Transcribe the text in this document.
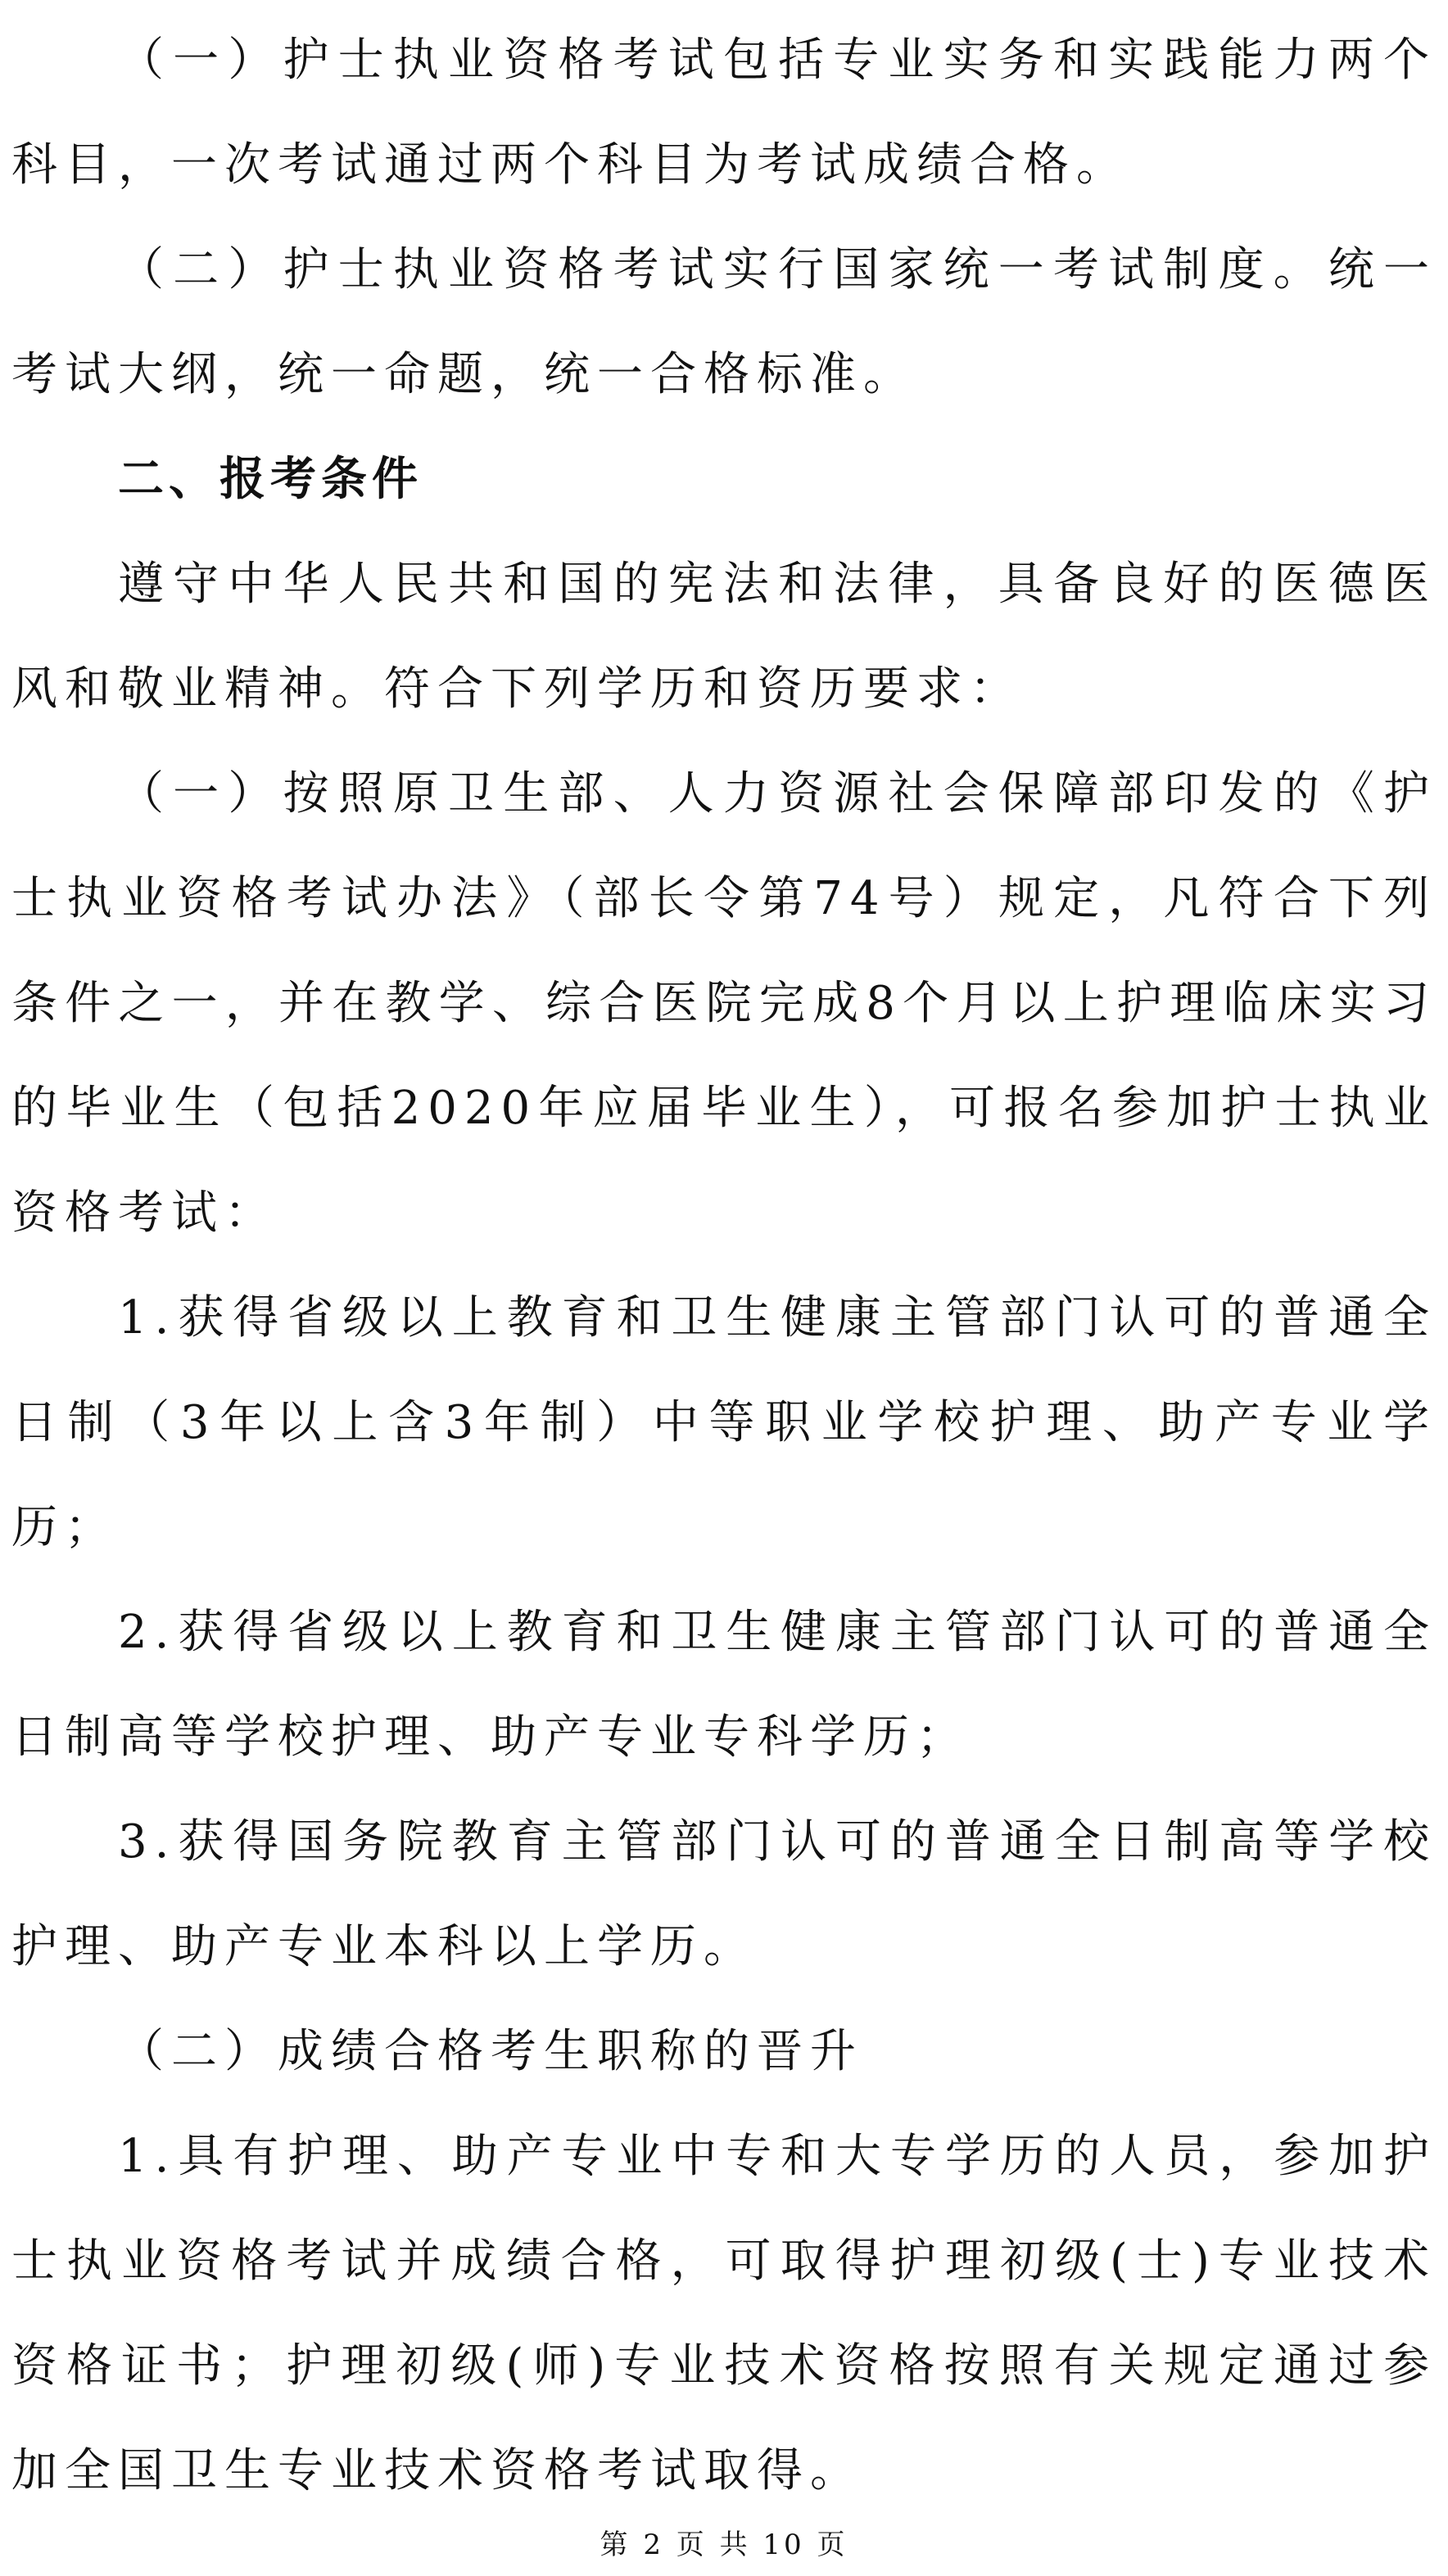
（一）护士执业资格考试包括专业实务和实践能力两个科目，一次考试通过两个科目为考试成绩合格。

（二）护士执业资格考试实行国家统一考试制度。统一考试大纲，统一命题，统一合格标准。

二、报考条件

遵守中华人民共和国的宪法和法律，具备良好的医德医风和敬业精神。符合下列学历和资历要求：

（一）按照原卫生部、人力资源社会保障部印发的《护士执业资格考试办法》（部长令第74号）规定，凡符合下列条件之一，并在教学、综合医院完成8个月以上护理临床实习的毕业生（包括2020年应届毕业生），可报名参加护士执业资格考试：

1.获得省级以上教育和卫生健康主管部门认可的普通全日制（3年以上含3年制）中等职业学校护理、助产专业学历；

2.获得省级以上教育和卫生健康主管部门认可的普通全日制高等学校护理、助产专业专科学历；

3.获得国务院教育主管部门认可的普通全日制高等学校护理、助产专业本科以上学历。

（二）成绩合格考生职称的晋升

1.具有护理、助产专业中专和大专学历的人员，参加护士执业资格考试并成绩合格，可取得护理初级(士)专业技术资格证书；护理初级(师)专业技术资格按照有关规定通过参加全国卫生专业技术资格考试取得。

第 2 页 共 10 页
